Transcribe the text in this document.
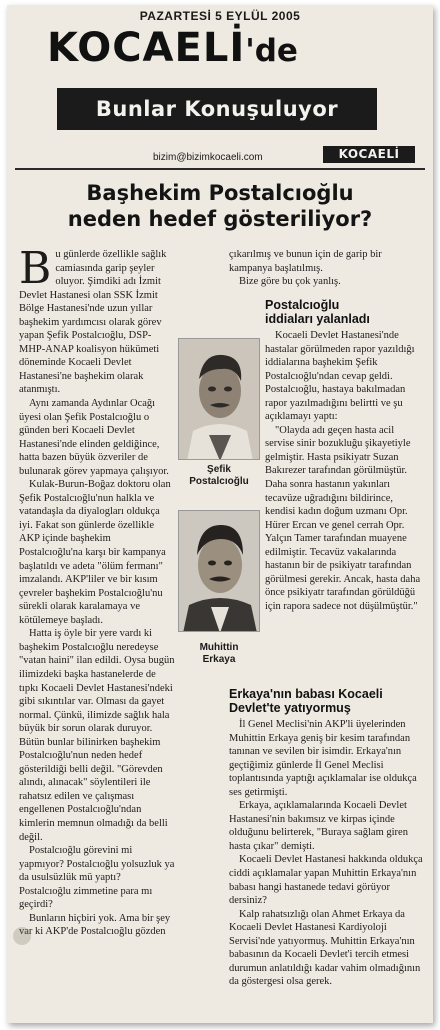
PAZARTESİ 5 EYLÜL 2005
KOCAELİ'de
Bunlar Konuşuluyor
bizim@bizimkocaeli.com	KOCAELİ
Başhekim Postalcıoğlu
neden hedef gösteriliyor?

Bu günlerde özellikle sağlık camiasında garip şeyler oluyor. Şimdiki adı İzmit Devlet Hastanesi olan SSK İzmit Bölge Hastanesi'nde uzun yıllar başhekim yardımcısı olarak görev yapan Şefik Postalcıoğlu, DSP-MHP-ANAP koalisyon hükümeti döneminde Kocaeli Devlet Hastanesi'ne başhekim olarak atanmıştı.

Aynı zamanda Aydınlar Ocağı üyesi olan Şefik Postalcıoğlu o günden beri Kocaeli Devlet Hastanesi'nde elinden geldiğince, hatta bazen büyük özveriler de bulunarak görev yapmaya çalışıyor.

Kulak-Burun-Boğaz doktoru olan Şefik Postalcıoğlu'nun halkla ve vatandaşla da diyalogları oldukça iyi. Fakat son günlerde özellikle AKP içinde başhekim Postalcıoğlu'na karşı bir kampanya başlatıldı ve adeta "ölüm fermanı" imzalandı. AKP'liler ve bir kısım çevreler başhekim Postalcıoğlu'nu sürekli olarak karalamaya ve kötülemeye başladı.

Hatta iş öyle bir yere vardı ki başhekim Postalcıoğlu neredeyse "vatan haini" ilan edildi. Oysa bugün ilimizdeki başka hastanelerde de tıpkı Kocaeli Devlet Hastanesi'ndeki gibi sıkıntılar var. Olması da gayet normal. Çünkü, ilimizde sağlık hala büyük bir sorun olarak duruyor. Bütün bunlar bilinirken başhekim Postalcıoğlu'nun neden hedef gösterildiği belli değil. "Görevden alındı, alınacak" söylentileri ile rahatsız edilen ve çalışması engellenen Postalcıoğlu'ndan kimlerin memnun olmadığı da belli değil.

Postalcıoğlu görevini mi yapmıyor? Postalcıoğlu yolsuzluk ya da usulsüzlük mü yaptı? Postalcıoğlu zimmetine para mı geçirdi?

Bunların hiçbiri yok. Ama bir şey var ki AKP'de Postalcıoğlu gözden

Şefik
Postalcıoğlu
Muhittin
Erkaya

çıkarılmış ve bunun için de garip bir kampanya başlatılmış.

Bize göre bu çok yanlış.

Postalcıoğlu
iddiaları yalanladı

Kocaeli Devlet Hastanesi'nde hastalar görülmeden rapor yazıldığı iddialarına başhekim Şefik Postalcıoğlu'ndan cevap geldi. Postalcıoğlu, hastaya bakılmadan rapor yazılmadığını belirtti ve şu açıklamayı yaptı:

"Olayda adı geçen hasta acil servise sinir bozukluğu şikayetiyle gelmiştir. Hasta psikiyatr Suzan Bakırezer tarafından görülmüştür. Daha sonra hastanın yakınları tecavüze uğradığını bildirince, kendisi kadın doğum uzmanı Opr. Hürer Ercan ve genel cerrah Opr. Yalçın Tamer tarafından muayene edilmiştir. Tecavüz vakalarında hastanın bir de psikiyatr tarafından görülmesi gerekir. Ancak, hasta daha önce psikiyatr tarafından görüldüğü için rapora sadece not düşülmüştür."

Erkaya'nın babası Kocaeli
Devlet'te yatıyormuş

İl Genel Meclisi'nin AKP'li üyelerinden Muhittin Erkaya geniş bir kesim tarafından tanınan ve sevilen bir isimdir. Erkaya'nın geçtiğimiz günlerde İl Genel Meclisi toplantısında yaptığı açıklamalar ise oldukça ses getirmişti.

Erkaya, açıklamalarında Kocaeli Devlet Hastanesi'nin bakımsız ve kirpas içinde olduğunu belirterek, "Buraya sağlam giren hasta çıkar" demişti.

Kocaeli Devlet Hastanesi hakkında oldukça ciddi açıklamalar yapan Muhittin Erkaya'nın babası hangi hastanede tedavi görüyor dersiniz?

Kalp rahatsızlığı olan Ahmet Erkaya da Kocaeli Devlet Hastanesi Kardiyoloji Servisi'nde yatıyormuş. Muhittin Erkaya'nın babasının da Kocaeli Devlet'i tercih etmesi durumun anlatıldığı kadar vahim olmadığının da göstergesi olsa gerek.
